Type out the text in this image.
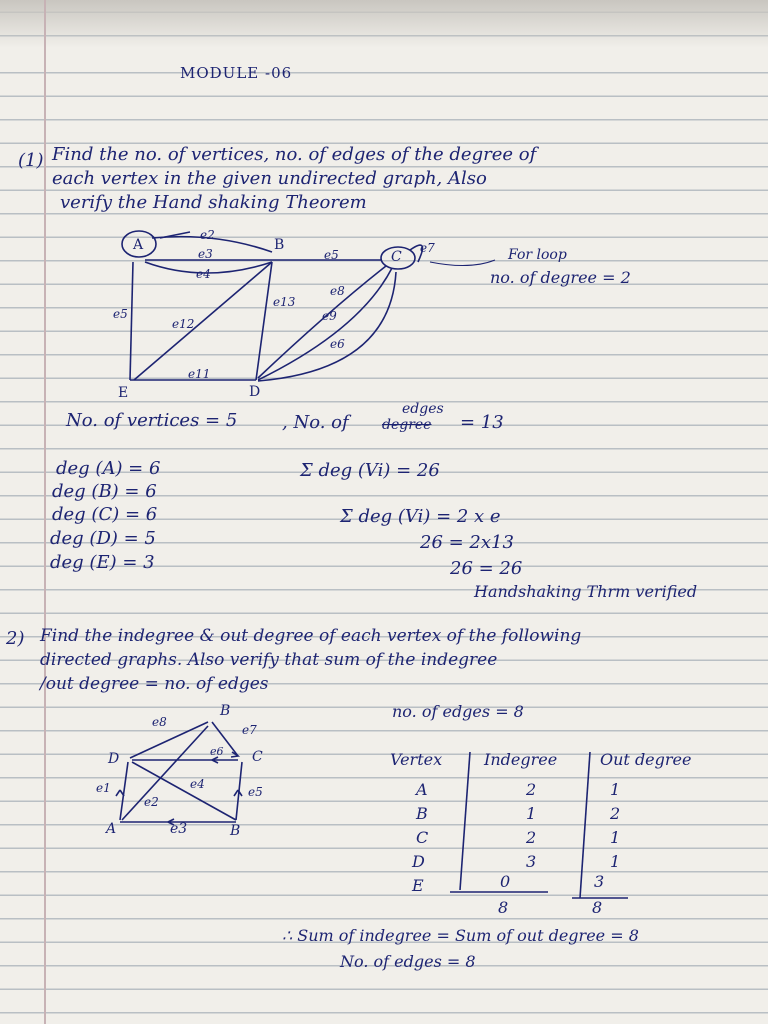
MODULE -06
(1) Find the no. of vertices, no. of edges of the degree of
each vertex in the given undirected graph, Also
verify the Hand shaking Theorem
A	B
C
D
E
e2
e3
e4
e5	e7
e5
e12
e13
e8
e9
e6
e11
For loop
no. of degree = 2
No. of vertices = 5 , No. of
edges
degree = 13
deg (A) = 6
deg (B) = 6
deg (C) = 6
deg (D) = 5
deg (E) = 3
Σ deg (Vi) = 26
Σ deg (Vi) = 2 x e
26 = 2x13
26 = 26
Handshaking Thrm verified
2) Find the indegree & out degree of each vertex of the following
directed graphs. Also verify that sum of the indegree
/out degree = no. of edges
no. of edges = 8
B
D	C
A	B
e8
e7
e6
e1
e2
e4
e5
e3
Vertex	Indegree	Out degree
A	2	1
B	1	2
C	2	1
D	3	1
E	0	3
8	8
∴ Sum of indegree = Sum of out degree = 8
No. of edges = 8
